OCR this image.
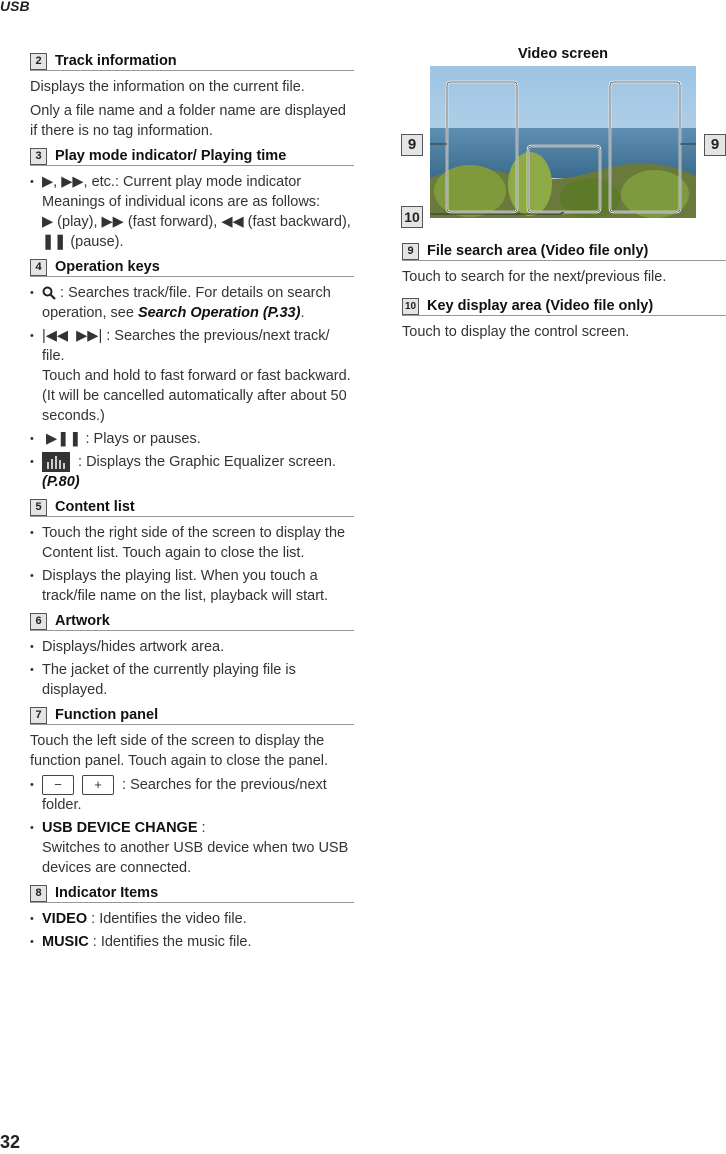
USB
2 Track information

Displays the information on the current file.

Only a file name and a folder name are displayed if there is no tag information.

3 Play mode indicator/ Playing time
• ▶, ▶▶, etc.: Current play mode indicator
Meanings of individual icons are as follows:
▶ (play), ▶▶ (fast forward), ◀◀ (fast backward), ❚❚ (pause).
4 Operation keys
• : Searches track/file. For details on search operation, see Search Operation (P.33).
• |◀◀ ▶▶| : Searches the previous/next track/ file.
Touch and hold to fast forward or fast backward. (It will be cancelled automatically after about 50 seconds.)
• ▶❚❚ : Plays or pauses.
• : Displays the Graphic Equalizer screen.
(P.80)
5 Content list
• Touch the right side of the screen to display the Content list. Touch again to close the list.
• Displays the playing list. When you touch a track/file name on the list, playback will start.
6 Artwork
• Displays/hides artwork area.
• The jacket of the currently playing file is displayed.
7 Function panel

Touch the left side of the screen to display the function panel. Touch again to close the panel.

• − + : Searches for the previous/next folder.
• USB DEVICE CHANGE :
Switches to another USB device when two USB devices are connected.
8 Indicator Items
• VIDEO : Identifies the video file.
• MUSIC : Identifies the music file.
Video screen
9	9
10
9 File search area (Video file only)

Touch to search for the next/previous file.

10 Key display area (Video file only)

Touch to display the control screen.

32
